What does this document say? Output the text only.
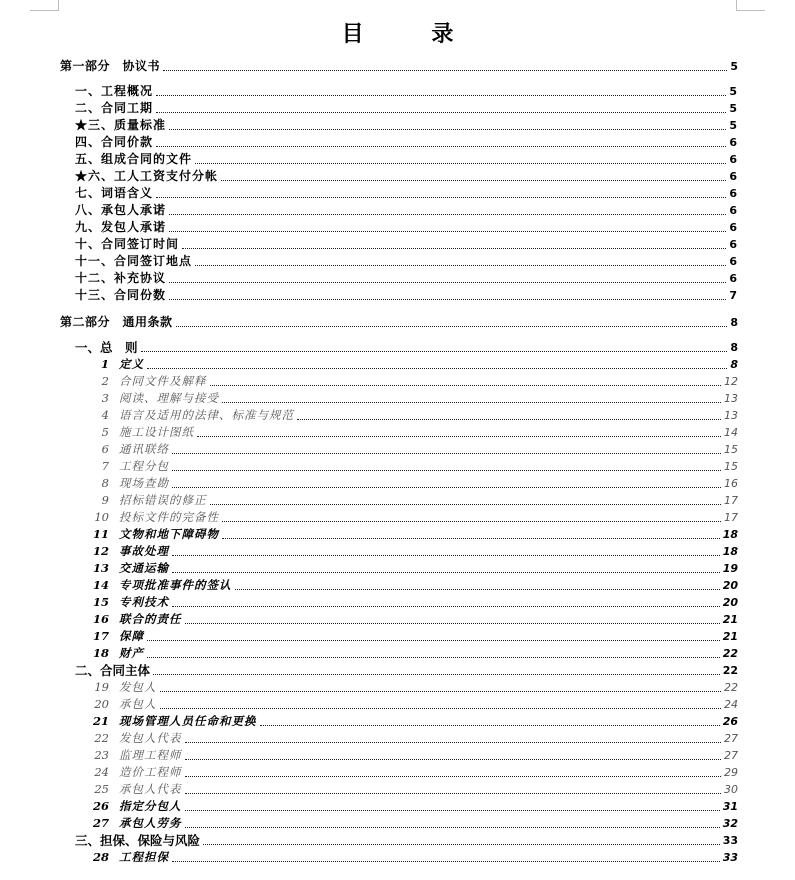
目 录
第一部分　协议书	5
一、工程概况	5
二、合同工期	5
★三、质量标准	5
四、合同价款	6
五、组成合同的文件	6
★六、工人工资支付分帐	6
七、词语含义	6
八、承包人承诺	6
九、发包人承诺	6
十、合同签订时间	6
十一、合同签订地点	6
十二、补充协议	6
十三、合同份数	7
第二部分　通用条款	8
一、总　则	8
1 定义	8
2 合同文件及解释	12
3 阅读、理解与接受	13
4 语言及适用的法律、标准与规范	13
5 施工设计图纸	14
6 通讯联络	15
7 工程分包	15
8 现场查勘	16
9 招标错误的修正	17
10 投标文件的完备性	17
11 文物和地下障碍物	18
12 事故处理	18
13 交通运输	19
14 专项批准事件的签认	20
15 专利技术	20
16 联合的责任	21
17 保障	21
18 财产	22
二、合同主体	22
19 发包人	22
20 承包人	24
21 现场管理人员任命和更换	26
22 发包人代表	27
23 监理工程师	27
24 造价工程师	29
25 承包人代表	30
26 指定分包人	31
27 承包人劳务	32
三、担保、保险与风险	33
28 工程担保	33
